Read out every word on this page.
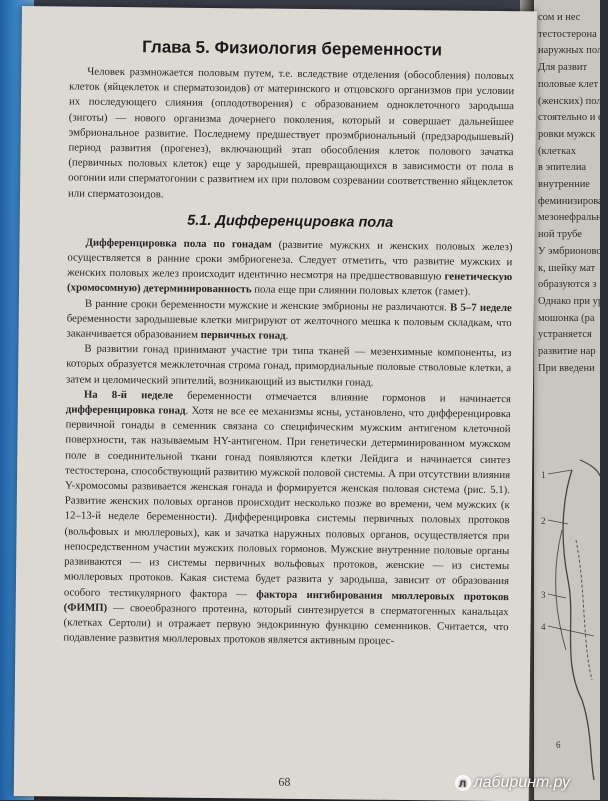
сом и нес
тестостерона
наружных поло
Для развит
половые клет
(женских) поло
стоятельно и с
ровки мужск
(клетках
в эпителиа
внутренние
феминизирова
мезонефральн
ной трубе
У эмбрионово
к, шейку мат
образуются з
Однако при уро
мошонка (ра
устраняется
развитие нар
При введени
1
2
3
4
6
Глава 5. Физиология беременности

Человек размножается половым путем, т.е. вследствие отделения (обособления) половых клеток (яйцеклеток и сперматозоидов) от материнского и отцовского организмов при условии их последующего слияния (оплодотворения) с образованием одноклеточного зародыша (зиготы) — нового организма дочернего поколения, который и совершает дальнейшее эмбриональное развитие. Последнему предшествует проэмбриональный (предзародышевый) период развития (прогенез), включающий этап обособления клеток полового зачатка (первичных половых клеток) еще у зародышей, превращающихся в зависимости от пола в оогонии или сперматогонии с развитием их при половом созревании соответственно яйцеклеток или сперматозоидов.

5.1. Дифференцировка пола

Дифференцировка пола по гонадам (развитие мужских и женских половых желез) осуществляется в ранние сроки эмбриогенеза. Следует отметить, что развитие мужских и женских половых желез происходит идентично несмотря на предшествовавшую генетическую (хромосомную) детерминированность пола еще при слиянии половых клеток (гамет).

В ранние сроки беременности мужские и женские эмбрионы не различаются. В 5–7 неделе беременности зародышевые клетки мигрируют от желточного мешка к половым складкам, что заканчивается образованием первичных гонад.

В развитии гонад принимают участие три типа тканей — мезенхимные компоненты, из которых образуется межклеточная строма гонад, примордиальные половые стволовые клетки, а затем и целомический эпителий, возникающий из выстилки гонад.

На 8-й неделе беременности отмечается влияние гормонов и начинается дифференцировка гонад. Хотя не все ее механизмы ясны, установлено, что дифференцировка первичной гонады в семенник связана со специфическим мужским антигеном клеточной поверхности, так называемым HY-антигеном. При генетически детерминированном мужском поле в соединительной ткани гонад появляются клетки Лейдига и начинается синтез тестостерона, способствующий развитию мужской половой системы. А при отсутствии влияния Y-хромосомы развивается женская гонада и формируется женская половая система (рис. 5.1). Развитие женских половых органов происходит несколько позже во времени, чем мужских (к 12–13-й неделе беременности). Дифференцировка системы первичных половых протоков (вольфовых и мюллеровых), как и зачатка наружных половых органов, осуществляется при непосредственном участии мужских половых гормонов. Мужские внутренние половые органы развиваются — из системы первичных вольфовых протоков, женские — из системы мюллеровых протоков. Какая система будет развита у зародыша, зависит от образования особого тестикулярного фактора — фактора ингибирования мюллеровых протоков (ФИМП) — своеобразного протеина, который синтезируется в сперматогенных канальцах (клетках Сертоли) и отражает первую эндокринную функцию семенников. Считается, что подавление развития мюллеровых протоков является активным процес-

68	л лабиринт.ру
